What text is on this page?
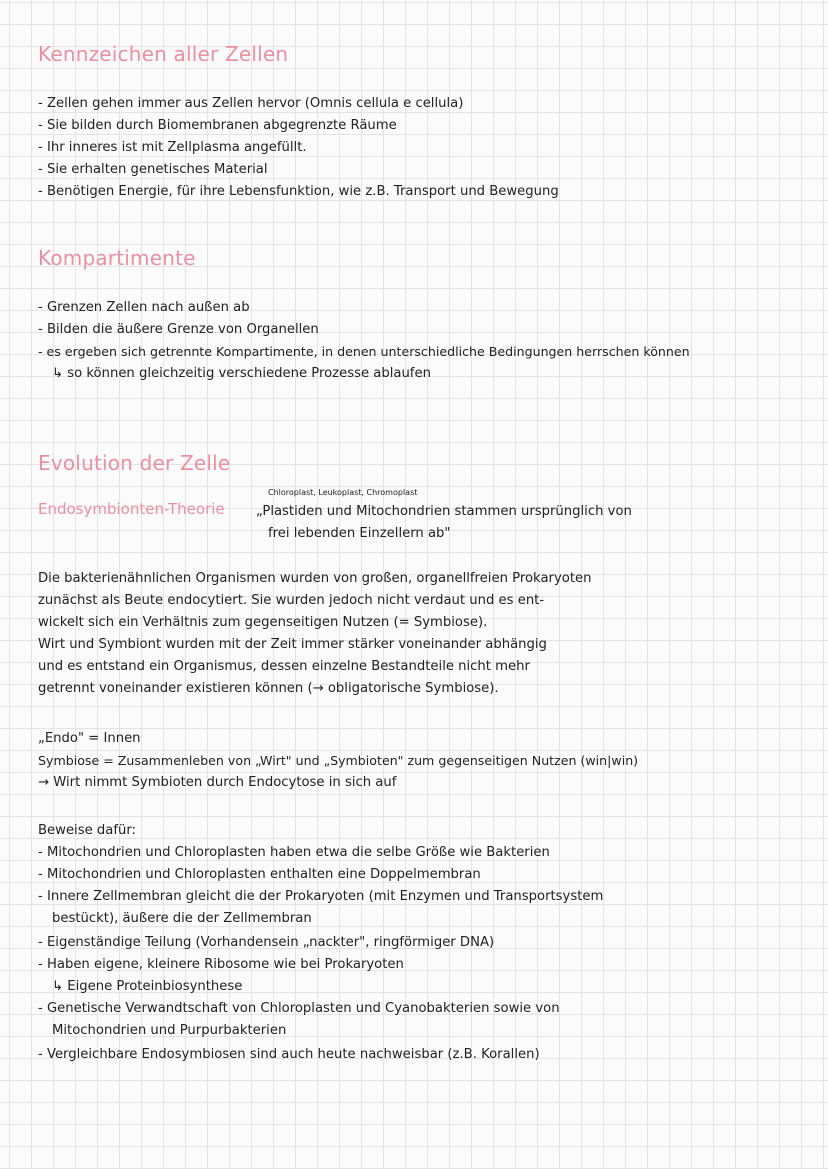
Kennzeichen aller Zellen
- Zellen gehen immer aus Zellen hervor (Omnis cellula e cellula)
- Sie bilden durch Biomembranen abgegrenzte Räume
- Ihr inneres ist mit Zellplasma angefüllt.
- Sie erhalten genetisches Material
- Benötigen Energie, für ihre Lebensfunktion, wie z.B. Transport und Bewegung
Kompartimente
- Grenzen Zellen nach außen ab
- Bilden die äußere Grenze von Organellen
- es ergeben sich getrennte Kompartimente, in denen unterschiedliche Bedingungen herrschen können
↳ so können gleichzeitig verschiedene Prozesse ablaufen
Evolution der Zelle
Chloroplast, Leukoplast, Chromoplast
Endosymbionten-Theorie „Plastiden und Mitochondrien stammen ursprünglich von
frei lebenden Einzellern ab"
Die bakterienähnlichen Organismen wurden von großen, organellfreien Prokaryoten
zunächst als Beute endocytiert. Sie wurden jedoch nicht verdaut und es ent-
wickelt sich ein Verhältnis zum gegenseitigen Nutzen (= Symbiose).
Wirt und Symbiont wurden mit der Zeit immer stärker voneinander abhängig
und es entstand ein Organismus, dessen einzelne Bestandteile nicht mehr
getrennt voneinander existieren können (→ obligatorische Symbiose).
„Endo" = Innen
Symbiose = Zusammenleben von „Wirt" und „Symbioten" zum gegenseitigen Nutzen (win|win)
→ Wirt nimmt Symbioten durch Endocytose in sich auf
Beweise dafür:
- Mitochondrien und Chloroplasten haben etwa die selbe Größe wie Bakterien
- Mitochondrien und Chloroplasten enthalten eine Doppelmembran
- Innere Zellmembran gleicht die der Prokaryoten (mit Enzymen und Transportsystem
bestückt), äußere die der Zellmembran
- Eigenständige Teilung (Vorhandensein „nackter", ringförmiger DNA)
- Haben eigene, kleinere Ribosome wie bei Prokaryoten
↳ Eigene Proteinbiosynthese
- Genetische Verwandtschaft von Chloroplasten und Cyanobakterien sowie von
Mitochondrien und Purpurbakterien
- Vergleichbare Endosymbiosen sind auch heute nachweisbar (z.B. Korallen)
